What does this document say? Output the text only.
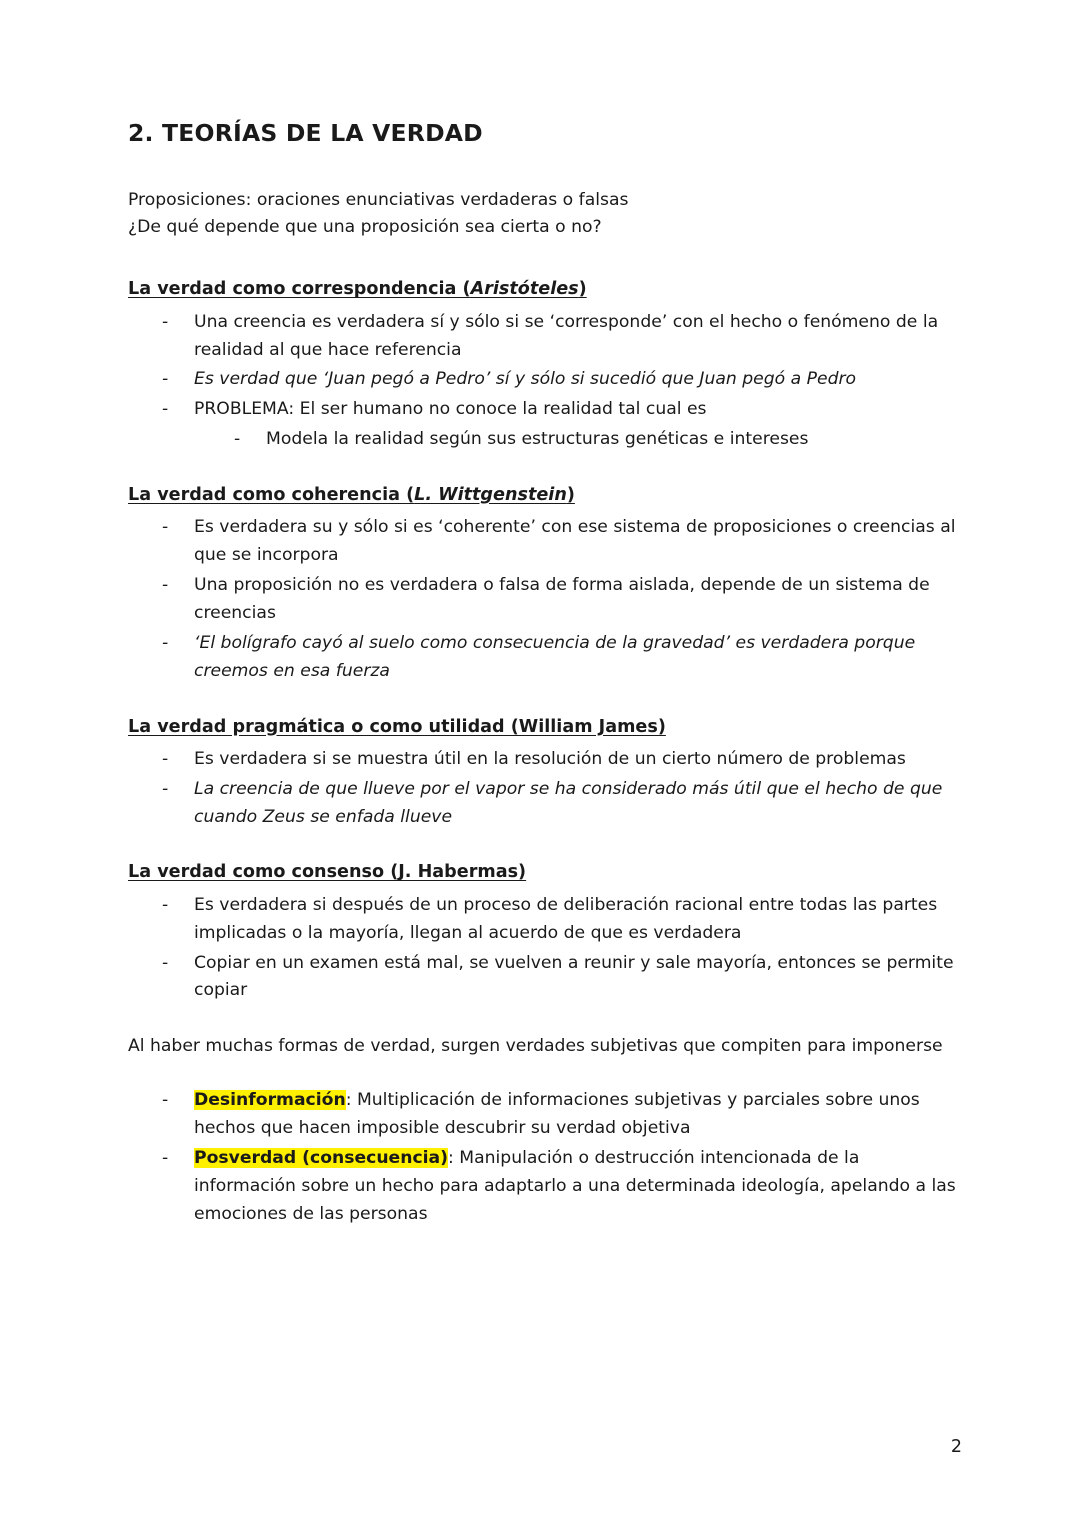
2. TEORÍAS DE LA VERDAD

Proposiciones: oraciones enunciativas verdaderas o falsas

¿De qué depende que una proposición sea cierta o no?

La verdad como correspondencia (Aristóteles)
- Una creencia es verdadera sí y sólo si se ‘corresponde’ con el hecho o fenómeno de la realidad al que hace referencia
- Es verdad que ‘Juan pegó a Pedro’ sí y sólo si sucedió que Juan pegó a Pedro
- PROBLEMA: El ser humano no conoce la realidad tal cual es
- Modela la realidad según sus estructuras genéticas e intereses
La verdad como coherencia (L. Wittgenstein)
- Es verdadera su y sólo si es ‘coherente’ con ese sistema de proposiciones o creencias al que se incorpora
- Una proposición no es verdadera o falsa de forma aislada, depende de un sistema de creencias
- ‘El bolígrafo cayó al suelo como consecuencia de la gravedad’ es verdadera porque creemos en esa fuerza
La verdad pragmática o como utilidad (William James)
- Es verdadera si se muestra útil en la resolución de un cierto número de problemas
- La creencia de que llueve por el vapor se ha considerado más útil que el hecho de que cuando Zeus se enfada llueve
La verdad como consenso (J. Habermas)
- Es verdadera si después de un proceso de deliberación racional entre todas las partes implicadas o la mayoría, llegan al acuerdo de que es verdadera
- Copiar en un examen está mal, se vuelven a reunir y sale mayoría, entonces se permite copiar

Al haber muchas formas de verdad, surgen verdades subjetivas que compiten para imponerse

- Desinformación: Multiplicación de informaciones subjetivas y parciales sobre unos hechos que hacen imposible descubrir su verdad objetiva
- Posverdad (consecuencia): Manipulación o destrucción intencionada de la información sobre un hecho para adaptarlo a una determinada ideología, apelando a las emociones de las personas
2
